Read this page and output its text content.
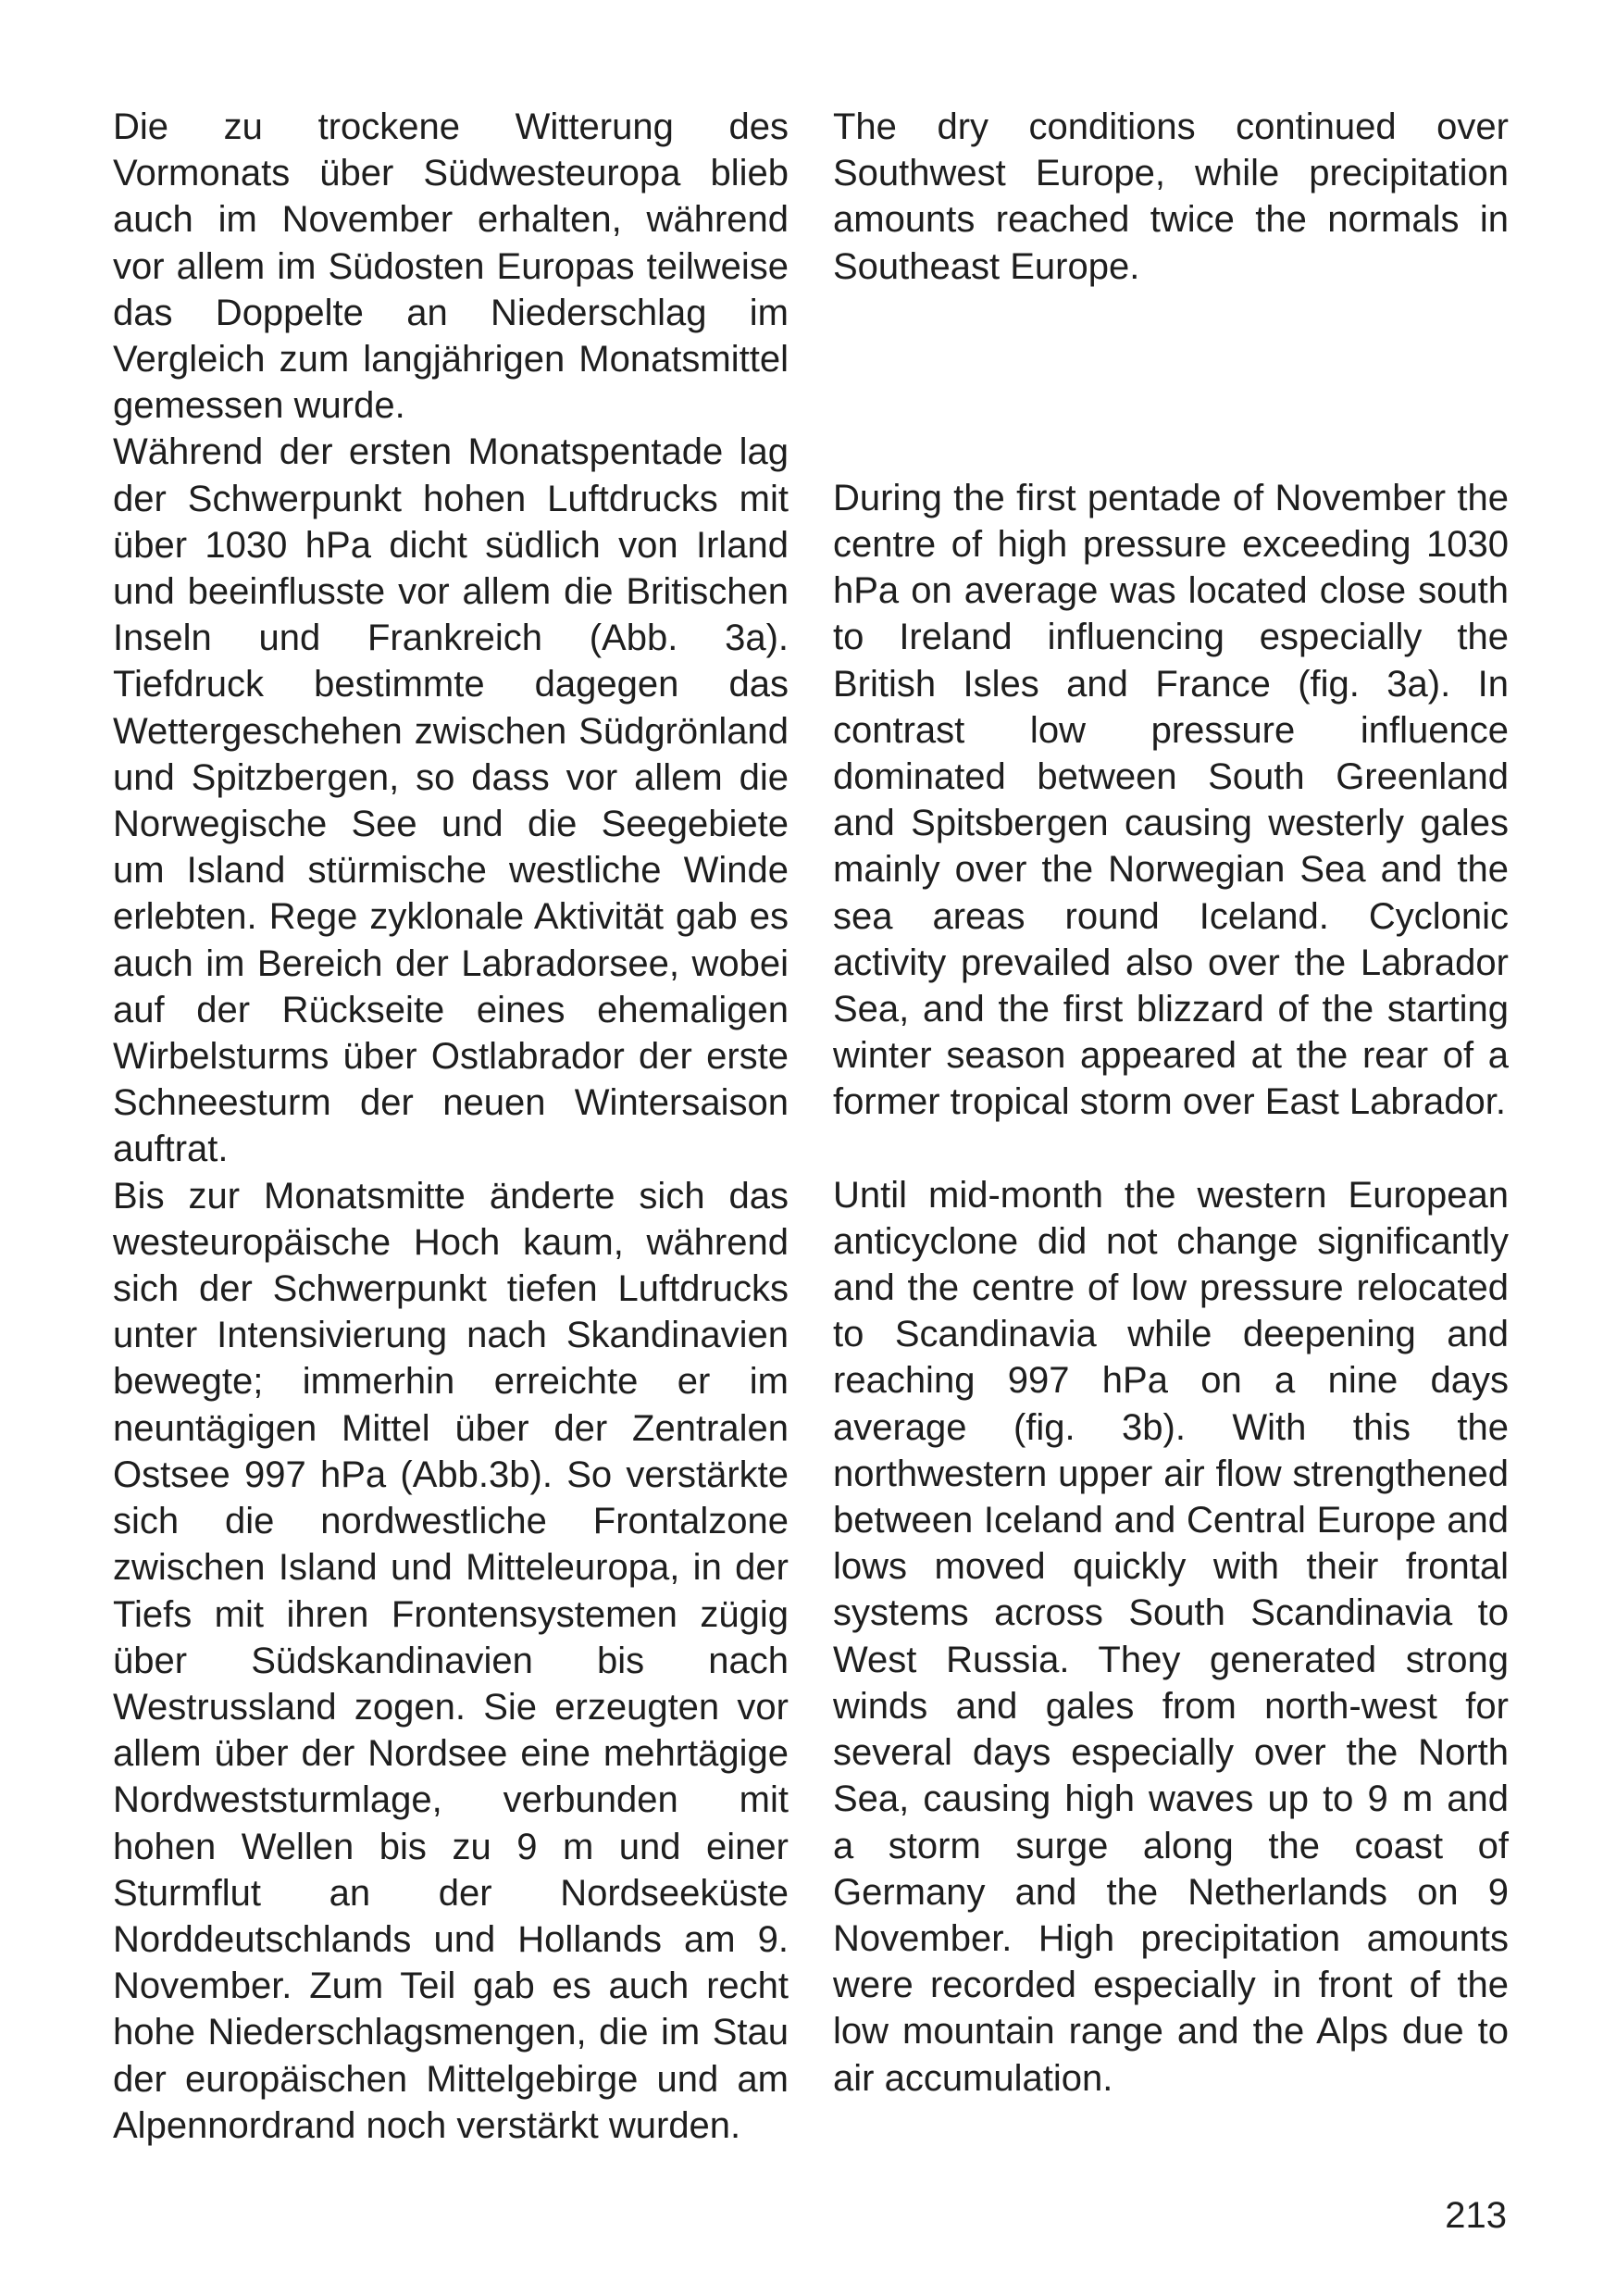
Die zu trockene Witterung des Vormonats über Südwesteuropa blieb auch im November erhalten, während vor allem im Südosten Europas teilweise das Doppelte an Niederschlag im Vergleich zum langjährigen Monatsmittel gemessen wurde.

Während der ersten Monatspentade lag der Schwerpunkt hohen Luftdrucks mit über 1030 hPa dicht südlich von Irland und beeinflusste vor allem die Britischen Inseln und Frankreich (Abb. 3a). Tiefdruck bestimmte dagegen das Wettergeschehen zwischen Südgrönland und Spitzbergen, so dass vor allem die Norwegische See und die Seegebiete um Island stürmische westliche Winde erlebten. Rege zyklonale Aktivität gab es auch im Bereich der Labradorsee, wobei auf der Rückseite eines ehemaligen Wirbelsturms über Ostlabrador der erste Schneesturm der neuen Wintersaison auftrat.

Bis zur Monatsmitte änderte sich das westeuropäische Hoch kaum, während sich der Schwerpunkt tiefen Luftdrucks unter Intensivierung nach Skandinavien bewegte; immerhin erreichte er im neuntägigen Mittel über der Zentralen Ostsee 997 hPa (Abb.3b). So verstärkte sich die nordwestliche Frontalzone zwischen Island und Mitteleuropa, in der Tiefs mit ihren Frontensystemen zügig über Südskandinavien bis nach Westrussland zogen. Sie erzeugten vor allem über der Nordsee eine mehrtägige Nordweststurmlage, verbunden mit hohen Wellen bis zu 9 m und einer Sturmflut an der Nordseeküste Norddeutschlands und Hollands am 9. November. Zum Teil gab es auch recht hohe Niederschlagsmengen, die im Stau der europäischen Mittelgebirge und am Alpennordrand noch verstärkt wurden.

The dry conditions continued over Southwest Europe, while precipitation amounts reached twice the normals in Southeast Europe.

During the first pentade of November the centre of high pressure exceeding 1030 hPa on average was located close south to Ireland influencing especially the British Isles and France (fig. 3a). In contrast low pressure influence dominated between South Greenland and Spitsbergen causing westerly gales mainly over the Norwegian Sea and the sea areas round Iceland. Cyclonic activity prevailed also over the Labrador Sea, and the first blizzard of the starting winter season appeared at the rear of a former tropical storm over East Labrador.

Until mid-month the western European anticyclone did not change significantly and the centre of low pressure relocated to Scandinavia while deepening and reaching 997 hPa on a nine days average (fig. 3b). With this the northwestern upper air flow strengthened between Iceland and Central Europe and lows moved quickly with their frontal systems across South Scandinavia to West Russia. They generated strong winds and gales from north-west for several days especially over the North Sea, causing high waves up to 9 m and a storm surge along the coast of Germany and the Netherlands on 9 November. High precipitation amounts were recorded especially in front of the low mountain range and the Alps due to air accumulation.

213
